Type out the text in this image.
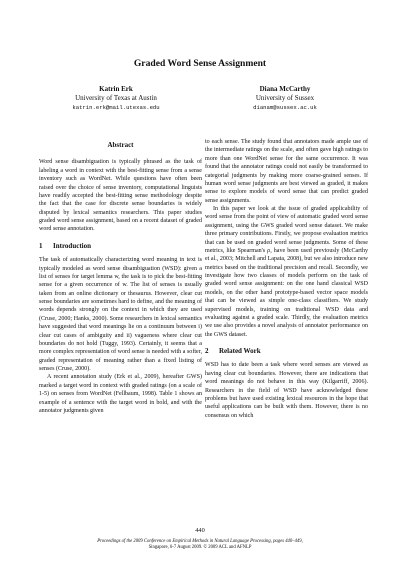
Graded Word Sense Assignment
Katrin Erk
University of Texas at Austin
katrin.erk@mail.utexas.edu
Diana McCarthy
University of Sussex
dianam@sussex.ac.uk
Abstract

Word sense disambiguation is typically phrased as the task of labeling a word in context with the best-fitting sense from a sense inventory such as WordNet. While questions have often been raised over the choice of sense inventory, computational linguists have readily accepted the best-fitting sense methodology despite the fact that the case for discrete sense boundaries is widely disputed by lexical semantics researchers. This paper studies graded word sense assignment, based on a recent dataset of graded word sense annotation.

1 Introduction

The task of automatically characterizing word meaning in text is typically modeled as word sense disambiguation (WSD): given a list of senses for target lemma w, the task is to pick the best-fitting sense for a given occurrence of w. The list of senses is usually taken from an online dictionary or thesaurus. However, clear cut sense boundaries are sometimes hard to define, and the meaning of words depends strongly on the context in which they are used (Cruse, 2000; Hanks, 2000). Some researchers in lexical semantics have suggested that word meanings lie on a continuum between i) clear cut cases of ambiguity and ii) vagueness where clear cut boundaries do not hold (Tuggy, 1993). Certainly, it seems that a more complex representation of word sense is needed with a softer, graded representation of meaning rather than a fixed listing of senses (Cruse, 2000).

A recent annotation study (Erk et al., 2009), hereafter GWS) marked a target word in context with graded ratings (on a scale of 1-5) on senses from WordNet (Fellbaum, 1998). Table 1 shows an example of a sentence with the target word in bold, and with the annotator judgments given

to each sense. The study found that annotators made ample use of the intermediate ratings on the scale, and often gave high ratings to more than one WordNet sense for the same occurrence. It was found that the annotator ratings could not easily be transformed to categorial judgments by making more coarse-grained senses. If human word sense judgments are best viewed as graded, it makes sense to explore models of word sense that can predict graded sense assignments.

In this paper we look at the issue of graded applicability of word sense from the point of view of automatic graded word sense assignment, using the GWS graded word sense dataset. We make three primary contributions. Firstly, we propose evaluation metrics that can be used on graded word sense judgments. Some of these metrics, like Spearman's ρ, have been used previously (McCarthy et al., 2003; Mitchell and Lapata, 2008), but we also introduce new metrics based on the traditional precision and recall. Secondly, we investigate how two classes of models perform on the task of graded word sense assignment: on the one hand classical WSD models, on the other hand prototype-based vector space models that can be viewed as simple one-class classifiers. We study supervised models, training on traditional WSD data and evaluating against a graded scale. Thirdly, the evaluation metrics we use also provides a novel analysis of annotator performance on the GWS dataset.

2 Related Work

WSD has to date been a task where word senses are viewed as having clear cut boundaries. However, there are indications that word meanings do not behave in this way (Kilgarriff, 2006). Researchers in the field of WSD have acknowledged these problems but have used existing lexical resources in the hope that useful applications can be built with them. However, there is no consensus on which

440
Proceedings of the 2009 Conference on Empirical Methods in Natural Language Processing, pages 440–449,
Singapore, 6-7 August 2009. © 2009 ACL and AFNLP
